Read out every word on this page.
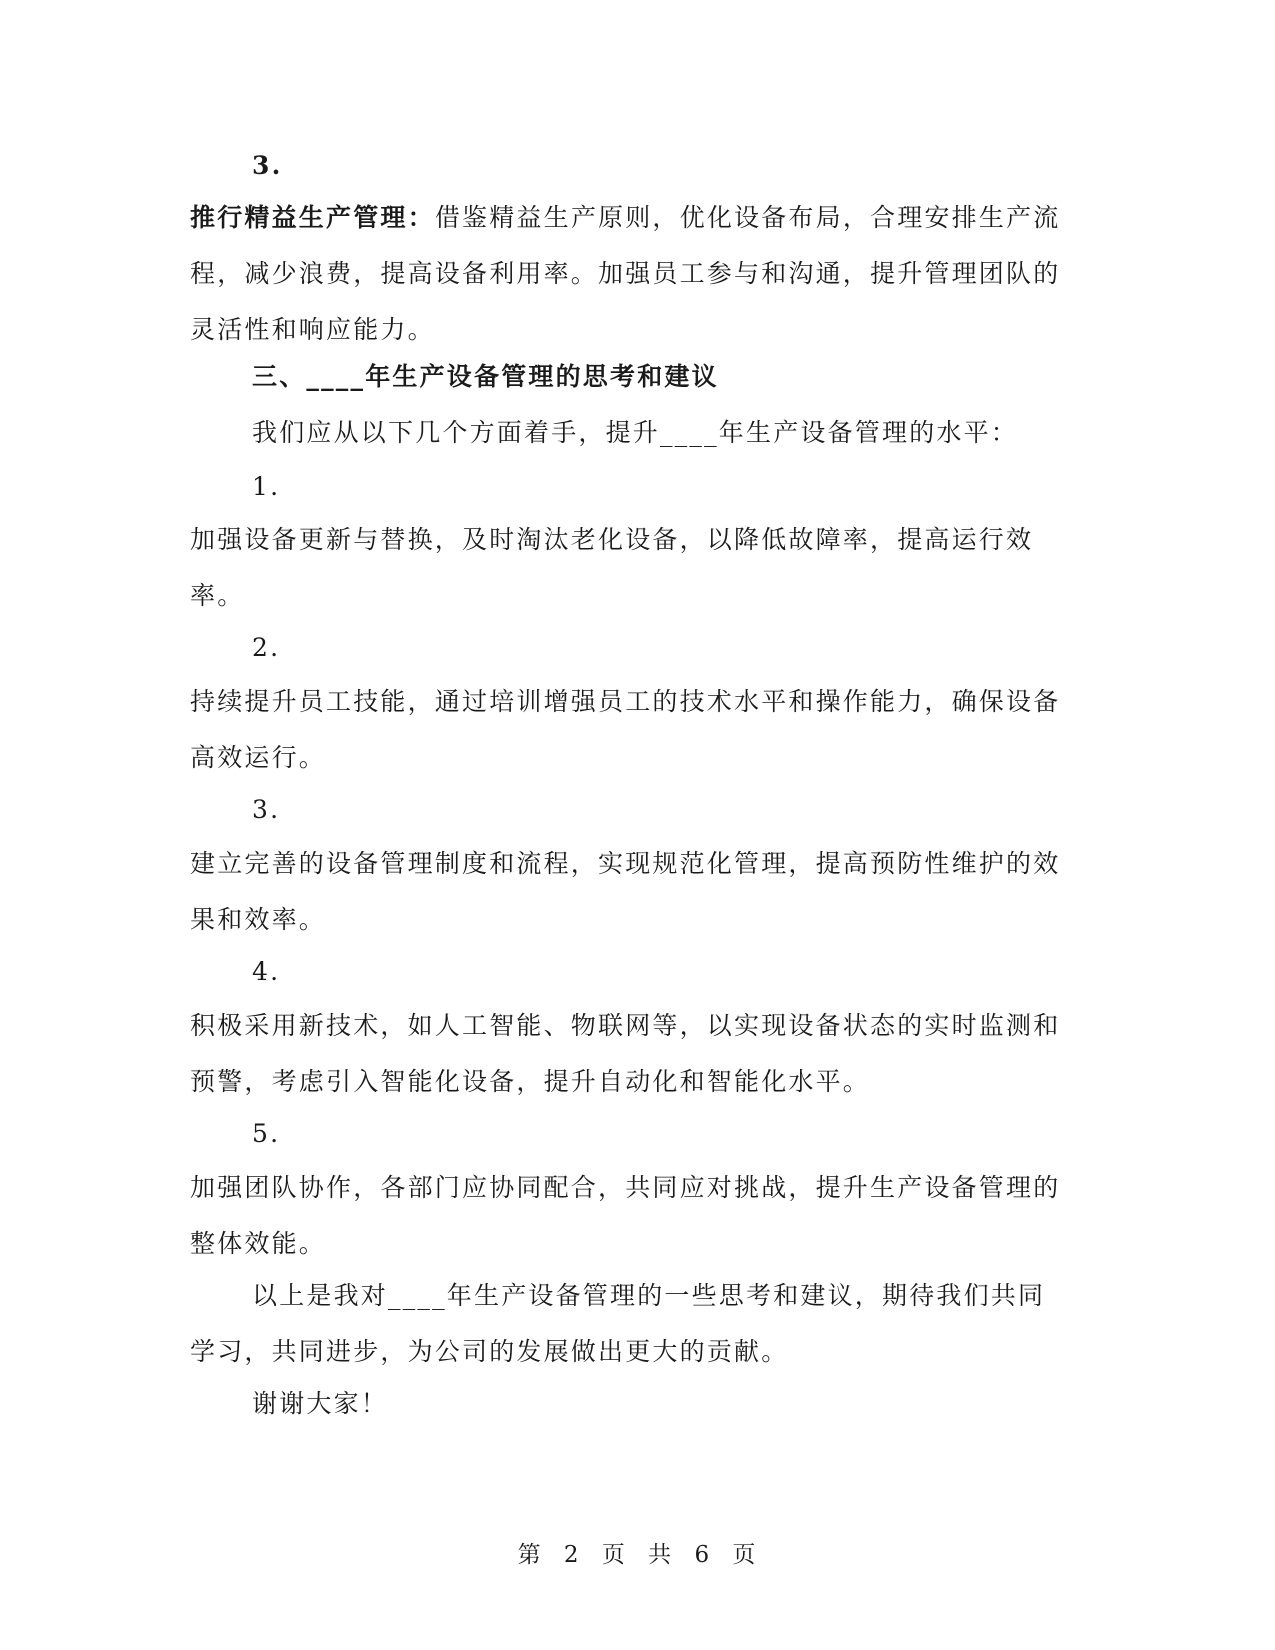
3.

推行精益生产管理：借鉴精益生产原则，优化设备布局，合理安排生产流程，减少浪费，提高设备利用率。加强员工参与和沟通，提升管理团队的灵活性和响应能力。

三、____年生产设备管理的思考和建议

我们应从以下几个方面着手，提升____年生产设备管理的水平：

1.

加强设备更新与替换，及时淘汰老化设备，以降低故障率，提高运行效率。

2.

持续提升员工技能，通过培训增强员工的技术水平和操作能力，确保设备高效运行。

3.

建立完善的设备管理制度和流程，实现规范化管理，提高预防性维护的效果和效率。

4.

积极采用新技术，如人工智能、物联网等，以实现设备状态的实时监测和预警，考虑引入智能化设备，提升自动化和智能化水平。

5.

加强团队协作，各部门应协同配合，共同应对挑战，提升生产设备管理的整体效能。

以上是我对____年生产设备管理的一些思考和建议，期待我们共同学习，共同进步，为公司的发展做出更大的贡献。

谢谢大家！

第 2 页 共 6 页
